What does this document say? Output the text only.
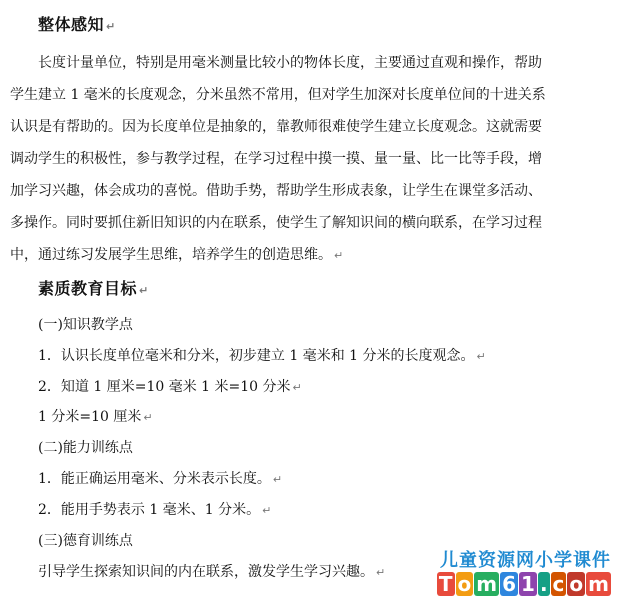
整体感知 ↵
长度计量单位，特别是用毫米测量比较小的物体长度，主要通过直观和操作，帮助
学生建立 1 毫米的长度观念，分米虽然不常用，但对学生加深对长度单位间的十进关系
认识是有帮助的。因为长度单位是抽象的，靠教师很难使学生建立长度观念。这就需要
调动学生的积极性，参与教学过程，在学习过程中摸一摸、量一量、比一比等手段，增
加学习兴趣，体会成功的喜悦。借助手势，帮助学生形成表象，让学生在课堂多活动、
多操作。同时要抓住新旧知识的内在联系，使学生了解知识间的横向联系，在学习过程
中，通过练习发展学生思维，培养学生的创造思维。 ↵
素质教育目标 ↵
(一)知识教学点
1．认识长度单位毫米和分米，初步建立 1 毫米和 1 分米的长度观念。 ↵
2．知道 1 厘米=10 毫米 1 米=10 分米 ↵
1 分米=10 厘米 ↵
(二)能力训练点
1．能正确运用毫米、分米表示长度。 ↵
2．能用手势表示 1 毫米、1 分米。 ↵
(三)德育训练点
引导学生探索知识间的内在联系，激发学生学习兴趣。 ↵
儿童资源网小学课件
T o m 6 1 . c o m
